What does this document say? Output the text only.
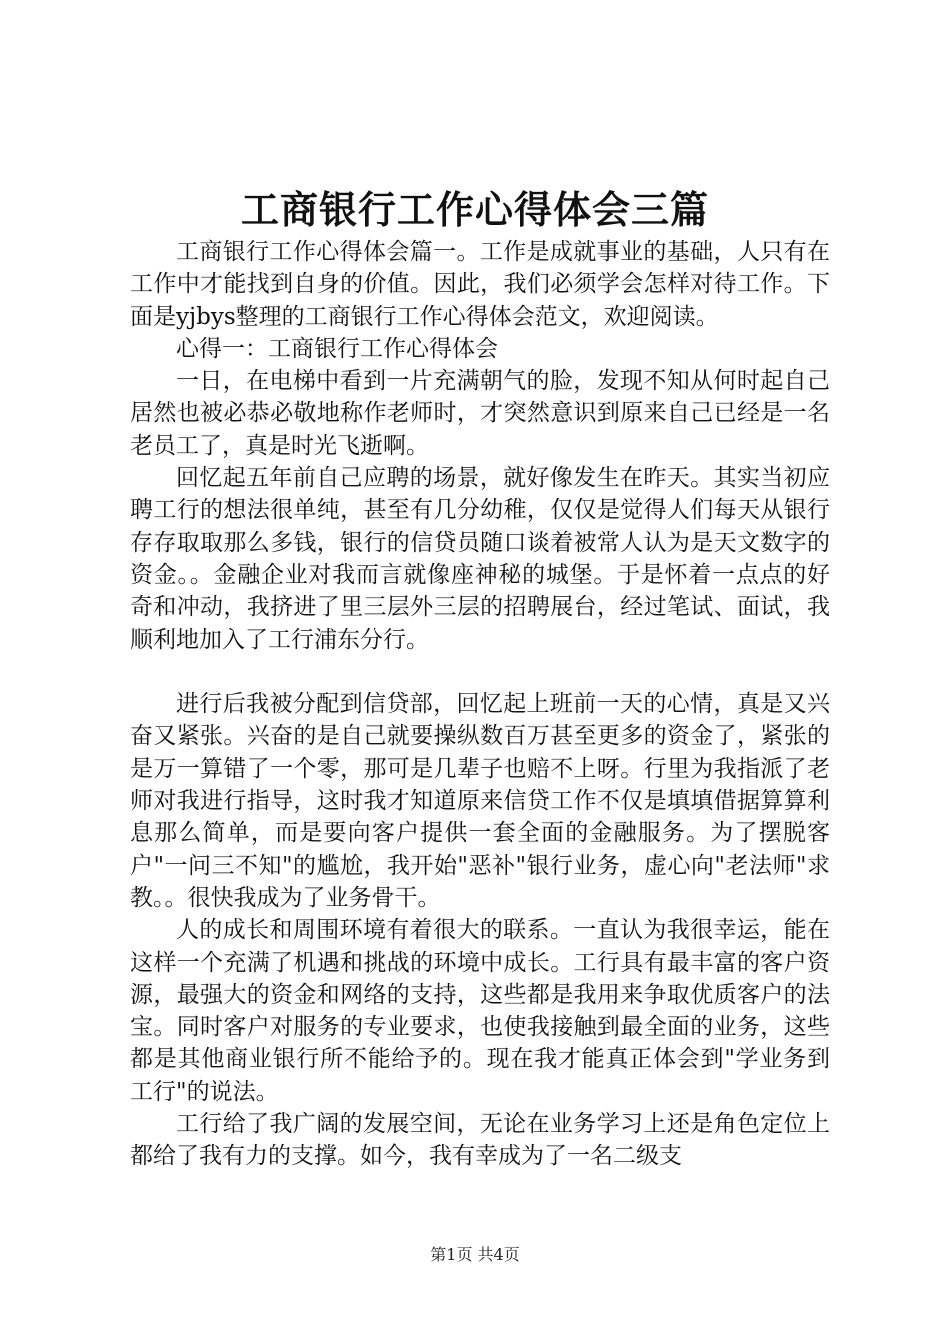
工商银行工作心得体会三篇

工商银行工作心得体会篇一。工作是成就事业的基础，人只有在工作中才能找到自身的价值。因此，我们必须学会怎样对待工作。下面是yjbys整理的工商银行工作心得体会范文，欢迎阅读。

心得一：工商银行工作心得体会

一日，在电梯中看到一片充满朝气的脸，发现不知从何时起自己居然也被必恭必敬地称作老师时，才突然意识到原来自己已经是一名老员工了，真是时光飞逝啊。

回忆起五年前自己应聘的场景，就好像发生在昨天。其实当初应聘工行的想法很单纯，甚至有几分幼稚，仅仅是觉得人们每天从银行存存取取那么多钱，银行的信贷员随口谈着被常人认为是天文数字的资金。。金融企业对我而言就像座神秘的城堡。于是怀着一点点的好奇和冲动，我挤进了里三层外三层的招聘展台，经过笔试、面试，我顺利地加入了工行浦东分行。

进行后我被分配到信贷部，回忆起上班前一天的心情，真是又兴奋又紧张。兴奋的是自己就要操纵数百万甚至更多的资金了，紧张的是万一算错了一个零，那可是几辈子也赔不上呀。行里为我指派了老师对我进行指导，这时我才知道原来信贷工作不仅是填填借据算算利息那么简单，而是要向客户提供一套全面的金融服务。为了摆脱客户"一问三不知"的尴尬，我开始"恶补"银行业务，虚心向"老法师"求教。。很快我成为了业务骨干。

人的成长和周围环境有着很大的联系。一直认为我很幸运，能在这样一个充满了机遇和挑战的环境中成长。工行具有最丰富的客户资源，最强大的资金和网络的支持，这些都是我用来争取优质客户的法宝。同时客户对服务的专业要求，也使我接触到最全面的业务，这些都是其他商业银行所不能给予的。现在我才能真正体会到"学业务到工行"的说法。

工行给了我广阔的发展空间，无论在业务学习上还是角色定位上都给了我有力的支撑。如今，我有幸成为了一名二级支

第1页 共4页
